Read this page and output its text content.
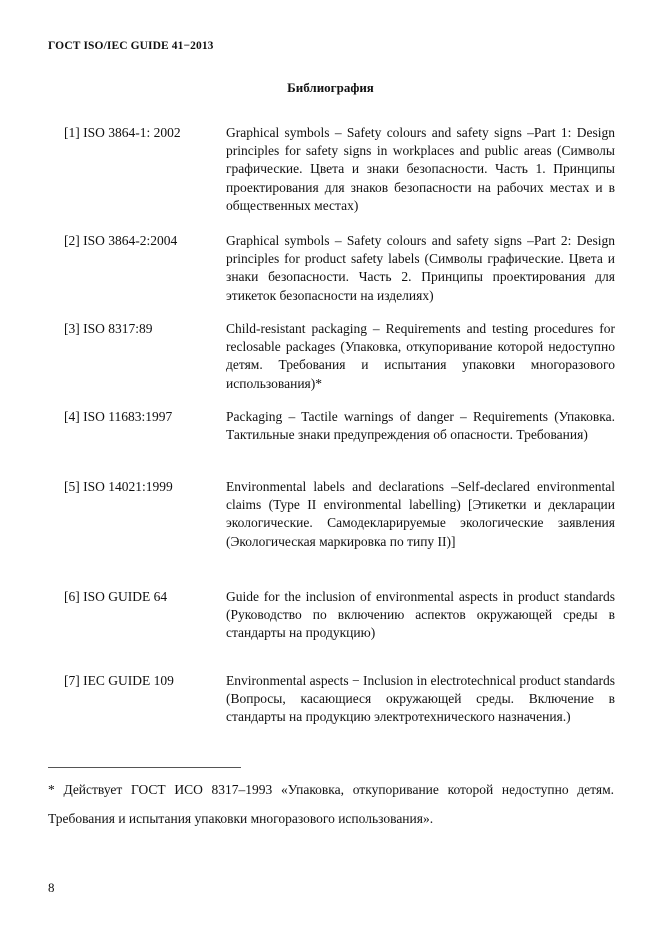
ГОСТ ISO/IEC GUIDE 41−2013
Библиография
[1] ISO 3864-1: 2002	Graphical symbols – Safety colours and safety signs –Part 1: Design principles for safety signs in workplaces and public areas (Символы графические. Цвета и знаки безопасности. Часть 1. Принципы проектирования для знаков безопасности на рабочих местах и в общественных местах)
[2] ISO 3864-2:2004	Graphical symbols – Safety colours and safety signs –Part 2: Design principles for product safety labels (Символы графические. Цвета и знаки безопасности. Часть 2. Принципы проектирования для этикеток безопасности на изделиях)
[3] ISO 8317:89	Child-resistant packaging – Requirements and testing procedures for reclosable packages (Упаковка, откупоривание которой недоступно детям. Требования и испытания упаковки многоразового использования)*
[4] ISO 11683:1997	Packaging – Tactile warnings of danger – Requirements (Упаковка. Тактильные знаки предупреждения об опасности. Требования)
[5] ISO 14021:1999	Environmental labels and declarations –Self-declared environmental claims (Type II environmental labelling) [Этикетки и декларации экологические. Самодекларируемые экологические заявления (Экологическая маркировка по типу II)]
[6] ISO GUIDE 64	Guide for the inclusion of environmental aspects in product standards (Руководство по включению аспектов окружающей среды в стандарты на продукцию)
[7] IEC GUIDE 109	Environmental aspects − Inclusion in electrotechnical product standards (Вопросы, касающиеся окружающей среды. Включение в стандарты на продукцию электротехнического назначения.)
* Действует ГОСТ ИСО 8317–1993 «Упаковка, откупоривание которой недоступно детям. Требования и испытания упаковки многоразового использования».
8
